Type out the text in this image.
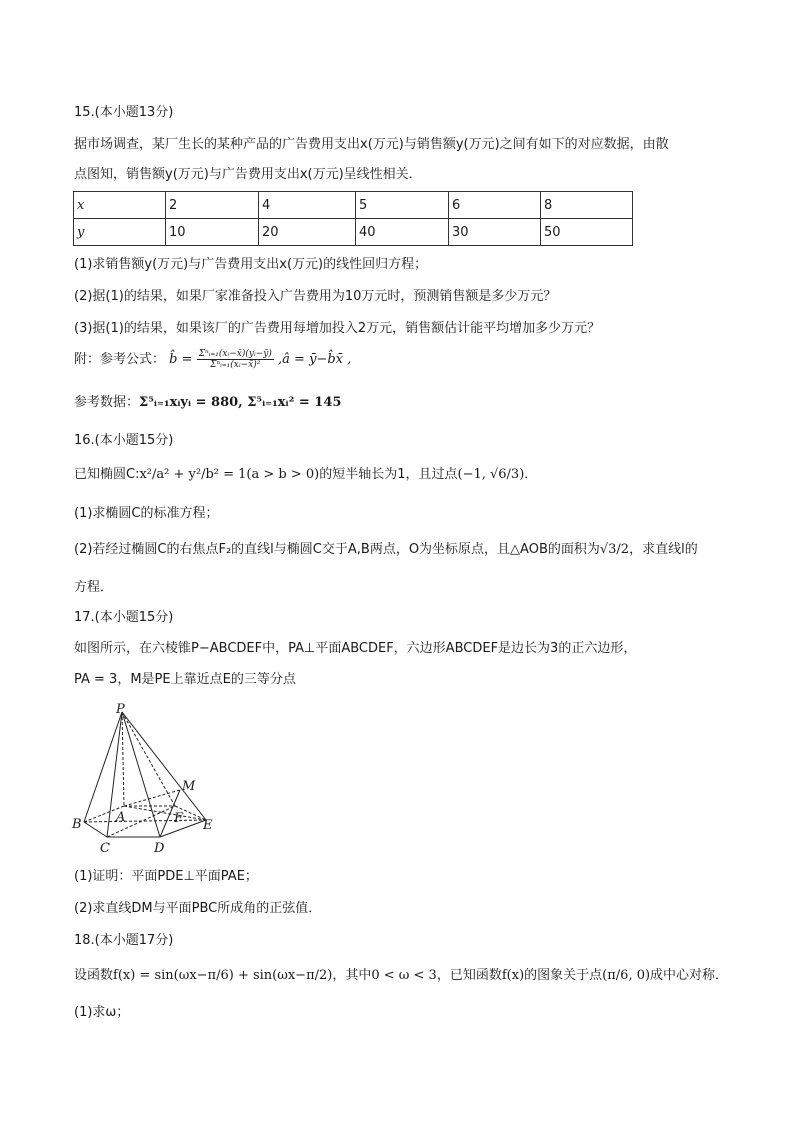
15.(本小题13分)
据市场调查，某厂生长的某种产品的广告费用支出x(万元)与销售额y(万元)之间有如下的对应数据，由散
点图知，销售额y(万元)与广告费用支出x(万元)呈线性相关．
x	2	4	5	6	8
y	10	20	40	30	50
(1)求销售额y(万元)与广告费用支出x(万元)的线性回归方程；
(2)据(1)的结果，如果厂家准备投入广告费用为10万元时，预测销售额是多少万元？
(3)据(1)的结果，如果该厂的广告费用每增加投入2万元，销售额估计能平均增加多少万元？
附：参考公式： b̂ = $\frac{\text{Σⁿᵢ₌₁(xᵢ−x̄)(yᵢ−ȳ)}}{\text{Σⁿᵢ₌₁(xᵢ−x̄)²}}$ ,â = ȳ−b̂x̄ ,
参考数据：Σ⁵ᵢ₌₁xᵢyᵢ = 880, Σ⁵ᵢ₌₁xᵢ² = 145
16.(本小题15分)
已知椭圆C:x²/a² + y²/b² = 1(a > b > 0)的短半轴长为1，且过点(−1, √6/3)．
(1)求椭圆C的标准方程；
(2)若经过椭圆C的右焦点F₂的直线l与椭圆C交于A,B两点，O为坐标原点，且△AOB的面积为√3/2，求直线l的
方程．
17.(本小题15分)
如图所示，在六棱锥P−ABCDEF中，PA⊥平面ABCDEF，六边形ABCDEF是边长为3的正六边形，
PA = 3，M是PE上靠近点E的三等分点
P
M
A	F
B
C	D
E
(1)证明：平面PDE⊥平面PAE；
(2)求直线DM与平面PBC所成角的正弦值．
18.(本小题17分)
设函数f(x) = sin(ωx−π/6) + sin(ωx−π/2)，其中0 < ω < 3，已知函数f(x)的图象关于点(π/6, 0)成中心对称．
(1)求ω；
